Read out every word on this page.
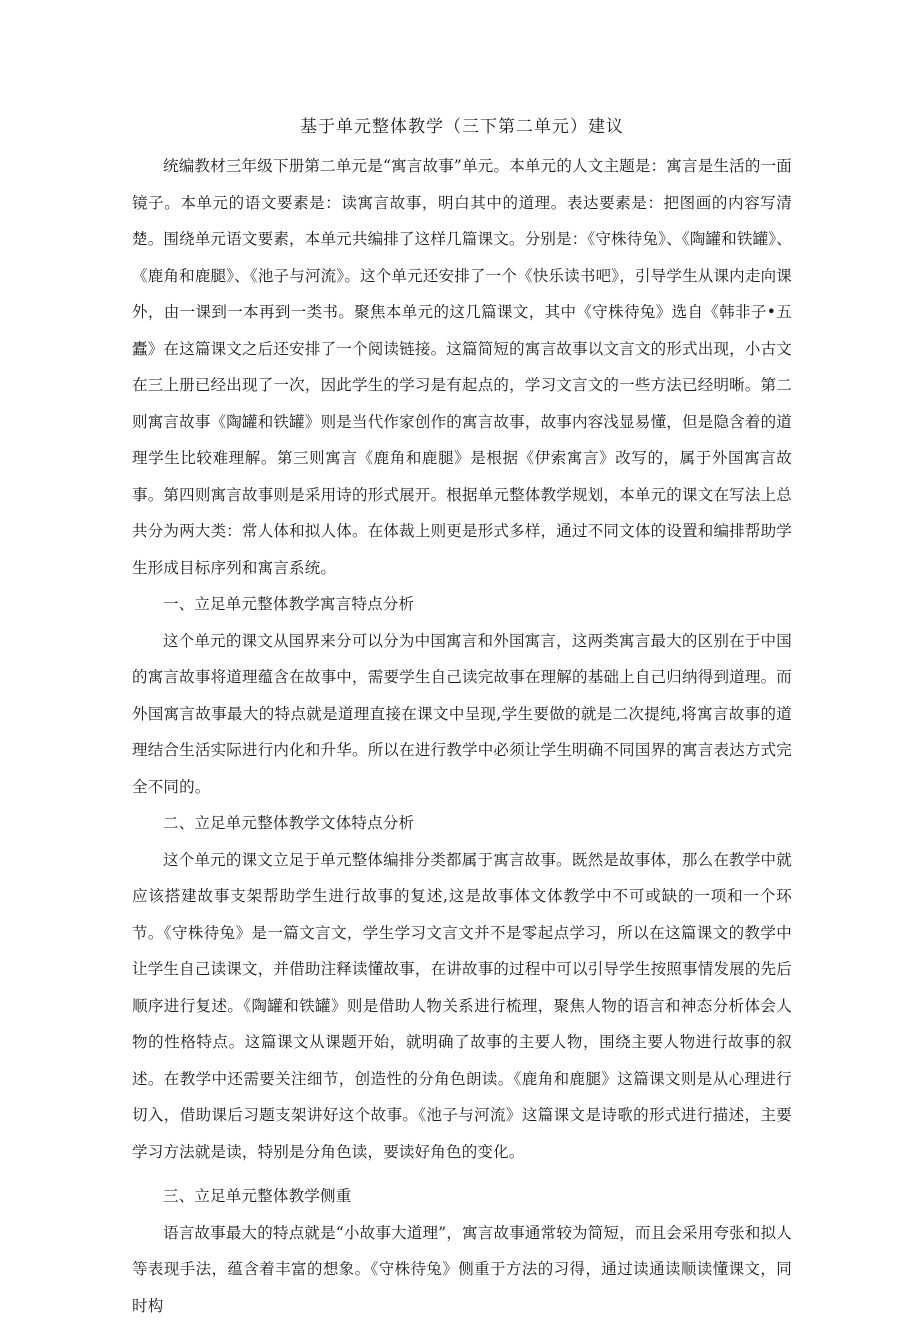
基于单元整体教学（三下第二单元）建议

统编教材三年级下册第二单元是“寓言故事”单元。本单元的人文主题是：寓言是生活的一面镜子。本单元的语文要素是：读寓言故事，明白其中的道理。表达要素是：把图画的内容写清楚。围绕单元语文要素，本单元共编排了这样几篇课文。分别是：《守株待兔》、《陶罐和铁罐》、《鹿角和鹿腿》、《池子与河流》。这个单元还安排了一个《快乐读书吧》，引导学生从课内走向课外，由一课到一本再到一类书。聚焦本单元的这几篇课文，其中《守株待兔》选自《韩非子•五蠹》在这篇课文之后还安排了一个阅读链接。这篇简短的寓言故事以文言文的形式出现，小古文在三上册已经出现了一次，因此学生的学习是有起点的，学习文言文的一些方法已经明晰。第二则寓言故事《陶罐和铁罐》则是当代作家创作的寓言故事，故事内容浅显易懂，但是隐含着的道理学生比较难理解。第三则寓言《鹿角和鹿腿》是根据《伊索寓言》改写的，属于外国寓言故事。第四则寓言故事则是采用诗的形式展开。根据单元整体教学规划，本单元的课文在写法上总共分为两大类：常人体和拟人体。在体裁上则更是形式多样，通过不同文体的设置和编排帮助学生形成目标序列和寓言系统。

一、立足单元整体教学寓言特点分析

这个单元的课文从国界来分可以分为中国寓言和外国寓言，这两类寓言最大的区别在于中国的寓言故事将道理蕴含在故事中，需要学生自己读完故事在理解的基础上自己归纳得到道理。而外国寓言故事最大的特点就是道理直接在课文中呈现,学生要做的就是二次提纯,将寓言故事的道理结合生活实际进行内化和升华。所以在进行教学中必须让学生明确不同国界的寓言表达方式完全不同的。

二、立足单元整体教学文体特点分析

这个单元的课文立足于单元整体编排分类都属于寓言故事。既然是故事体，那么在教学中就应该搭建故事支架帮助学生进行故事的复述,这是故事体文体教学中不可或缺的一项和一个环节。《守株待兔》是一篇文言文，学生学习文言文并不是零起点学习，所以在这篇课文的教学中让学生自己读课文，并借助注释读懂故事，在讲故事的过程中可以引导学生按照事情发展的先后顺序进行复述。《陶罐和铁罐》则是借助人物关系进行梳理，聚焦人物的语言和神态分析体会人物的性格特点。这篇课文从课题开始，就明确了故事的主要人物，围绕主要人物进行故事的叙述。在教学中还需要关注细节，创造性的分角色朗读。《鹿角和鹿腿》这篇课文则是从心理进行切入，借助课后习题支架讲好这个故事。《池子与河流》这篇课文是诗歌的形式进行描述，主要学习方法就是读，特别是分角色读，要读好角色的变化。

三、立足单元整体教学侧重

语言故事最大的特点就是“小故事大道理”，寓言故事通常较为简短，而且会采用夸张和拟人等表现手法，蕴含着丰富的想象。《守株待兔》侧重于方法的习得，通过读通读顺读懂课文，同时构
